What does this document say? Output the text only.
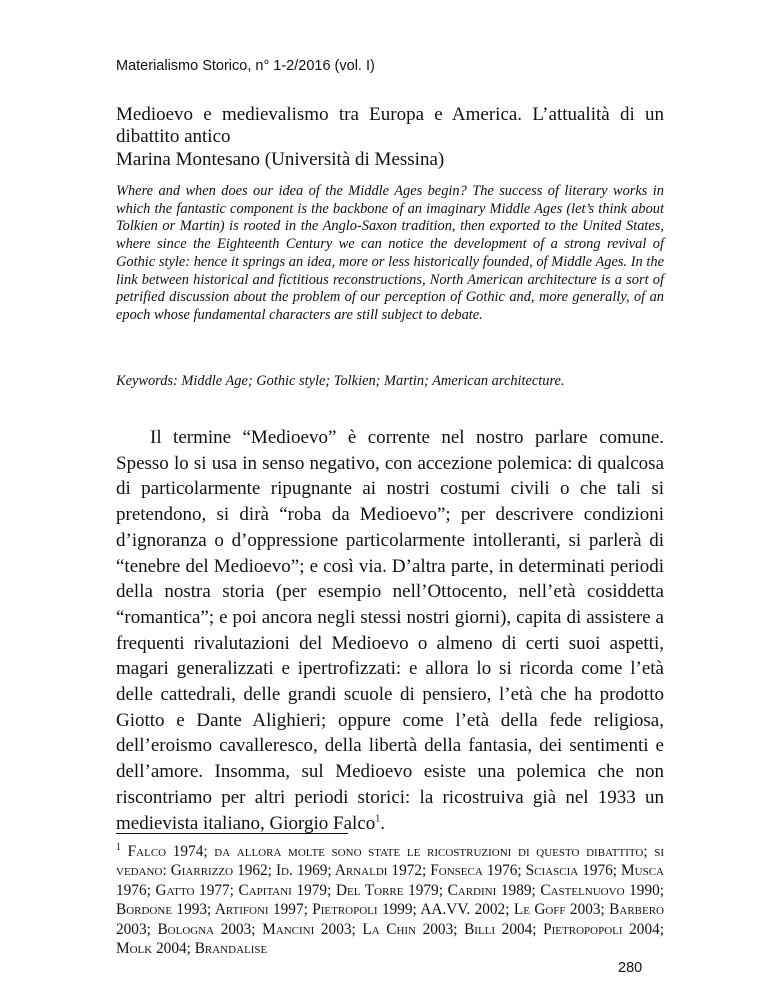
Materialismo Storico, n° 1-2/2016 (vol. I)
Medioevo e medievalismo tra Europa e America. L’attualità di un dibattito antico
Marina Montesano (Università di Messina)

Where and when does our idea of the Middle Ages begin? The success of literary works in which the fantastic component is the backbone of an imaginary Middle Ages (let’s think about Tolkien or Martin) is rooted in the Anglo-Saxon tradition, then exported to the United States, where since the Eighteenth Century we can notice the development of a strong revival of Gothic style: hence it springs an idea, more or less historically founded, of Middle Ages. In the link between historical and fictitious reconstructions, North American architecture is a sort of petrified discussion about the problem of our perception of Gothic and, more generally, of an epoch whose fundamental characters are still subject to debate.

Keywords: Middle Age; Gothic style; Tolkien; Martin; American architecture.

Il termine “Medioevo” è corrente nel nostro parlare comune. Spesso lo si usa in senso negativo, con accezione polemica: di qualcosa di particolarmente ripugnante ai nostri costumi civili o che tali si pretendono, si dirà “roba da Medioevo”; per descrivere condizioni d’ignoranza o d’oppressione particolarmente intolleranti, si parlerà di “tenebre del Medioevo”; e così via. D’altra parte, in determinati periodi della nostra storia (per esempio nell’Ottocento, nell’età cosiddetta “romantica”; e poi ancora negli stessi nostri giorni), capita di assistere a frequenti rivalutazioni del Medioevo o almeno di certi suoi aspetti, magari generalizzati e ipertrofizzati: e allora lo si ricorda come l’età delle cattedrali, delle grandi scuole di pensiero, l’età che ha prodotto Giotto e Dante Alighieri; oppure come l’età della fede religiosa, dell’eroismo cavalleresco, della libertà della fantasia, dei sentimenti e dell’amore. Insomma, sul Medioevo esiste una polemica che non riscontriamo per altri periodi storici: la ricostruiva già nel 1933 un medievista italiano, Giorgio Falco$^1$.

$^1$ Falco 1974; da allora molte sono state le ricostruzioni di questo dibattito; si vedano: Giarrizzo 1962; Id. 1969; Arnaldi 1972; Fonseca 1976; Sciascia 1976; Musca 1976; Gatto 1977; Capitani 1979; Del Torre 1979; Cardini 1989; Castelnuovo 1990; Bordone 1993; Artifoni 1997; Pietropoli 1999; AA.VV. 2002; Le Goff 2003; Barbero 2003; Bologna 2003; Mancini 2003; La Chin 2003; Billi 2004; Pietropopoli 2004; Molk 2004; Brandalise

280
